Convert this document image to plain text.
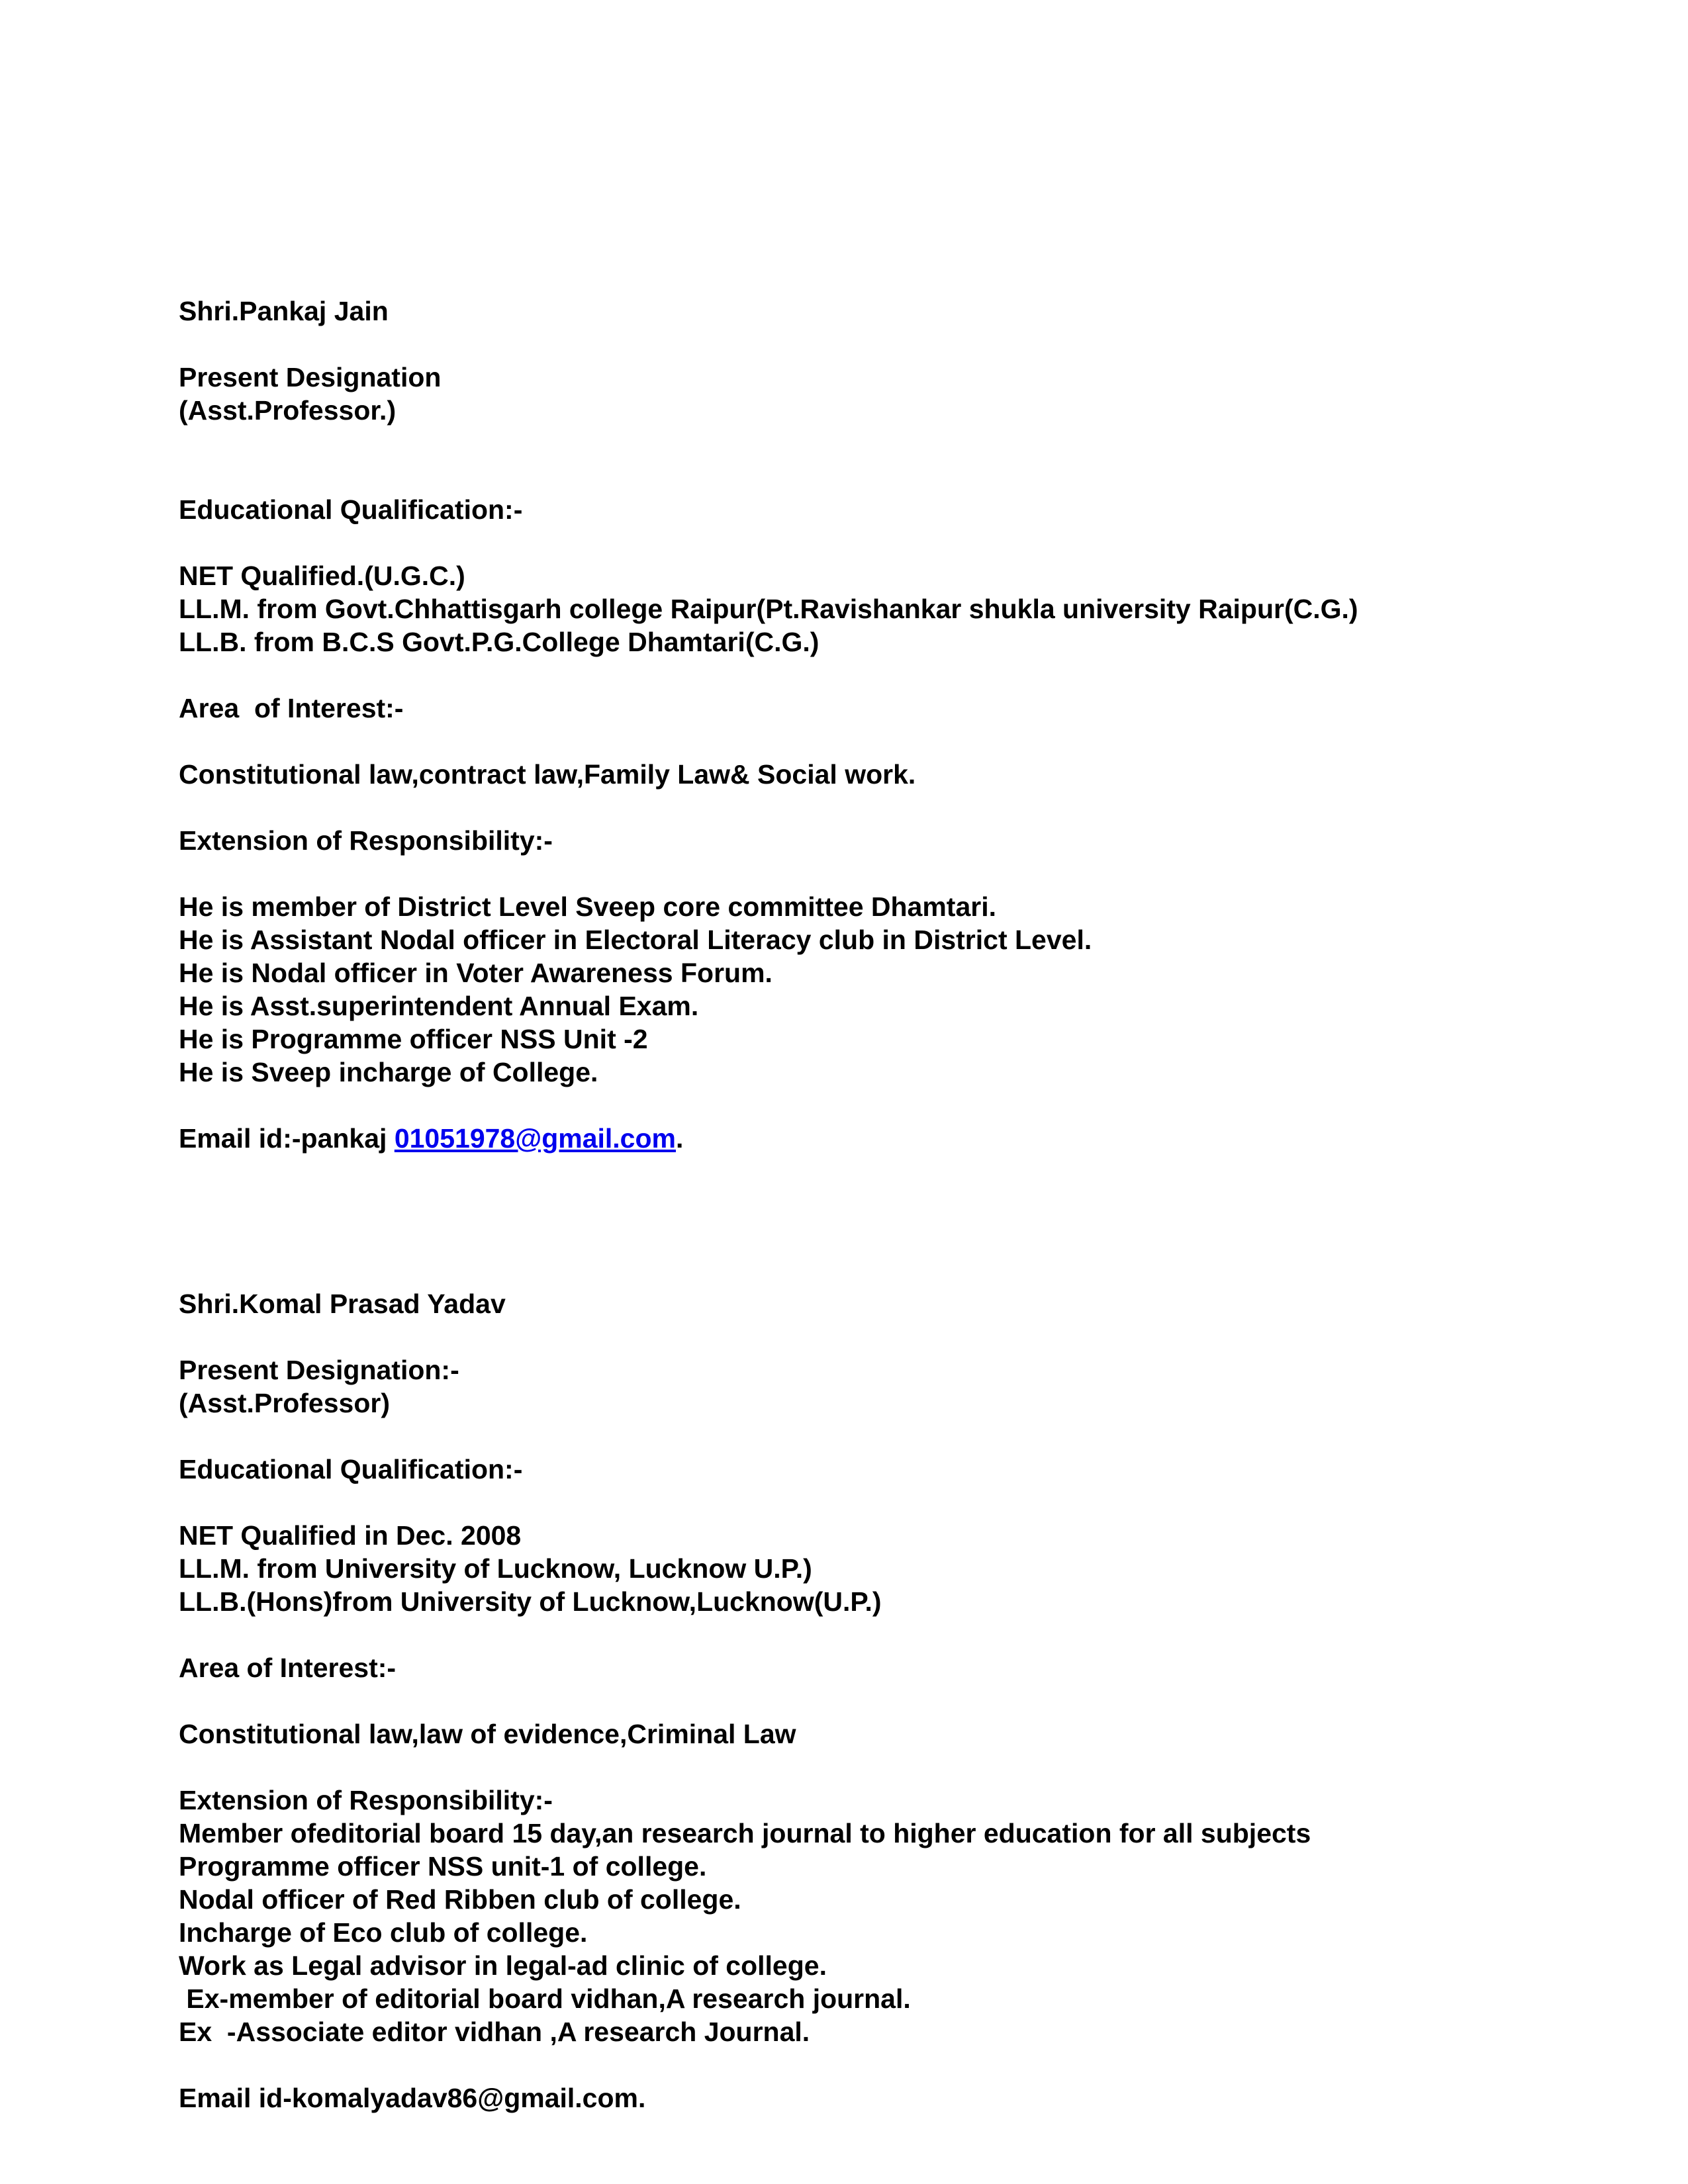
Shri.Pankaj Jain
Present Designation
(Asst.Professor.)
Educational Qualification:-
NET Qualified.(U.G.C.)
LL.M. from Govt.Chhattisgarh college Raipur(Pt.Ravishankar shukla university Raipur(C.G.)
LL.B. from B.C.S Govt.P.G.College Dhamtari(C.G.)
Area  of Interest:-
Constitutional law,contract law,Family Law& Social work.
Extension of Responsibility:-
He is member of District Level Sveep core committee Dhamtari.
He is Assistant Nodal officer in Electoral Literacy club in District Level.
He is Nodal officer in Voter Awareness Forum.
He is Asst.superintendent Annual Exam.
He is Programme officer NSS Unit -2
He is Sveep incharge of College.
Email id:-pankaj 01051978@gmail.com.
Shri.Komal Prasad Yadav
Present Designation:-
(Asst.Professor)
Educational Qualification:-
NET Qualified in Dec. 2008
LL.M. from University of Lucknow, Lucknow U.P.)
LL.B.(Hons)from University of Lucknow,Lucknow(U.P.)
Area of Interest:-
Constitutional law,law of evidence,Criminal Law
Extension of Responsibility:-
Member ofeditorial board 15 day,an research journal to higher education for all subjects
Programme officer NSS unit-1 of college.
Nodal officer of Red Ribben club of college.
Incharge of Eco club of college.
Work as Legal advisor in legal-ad clinic of college.
Ex-member of editorial board vidhan,A research journal.
Ex  -Associate editor vidhan ,A research Journal.
Email id-komalyadav86@gmail.com.
